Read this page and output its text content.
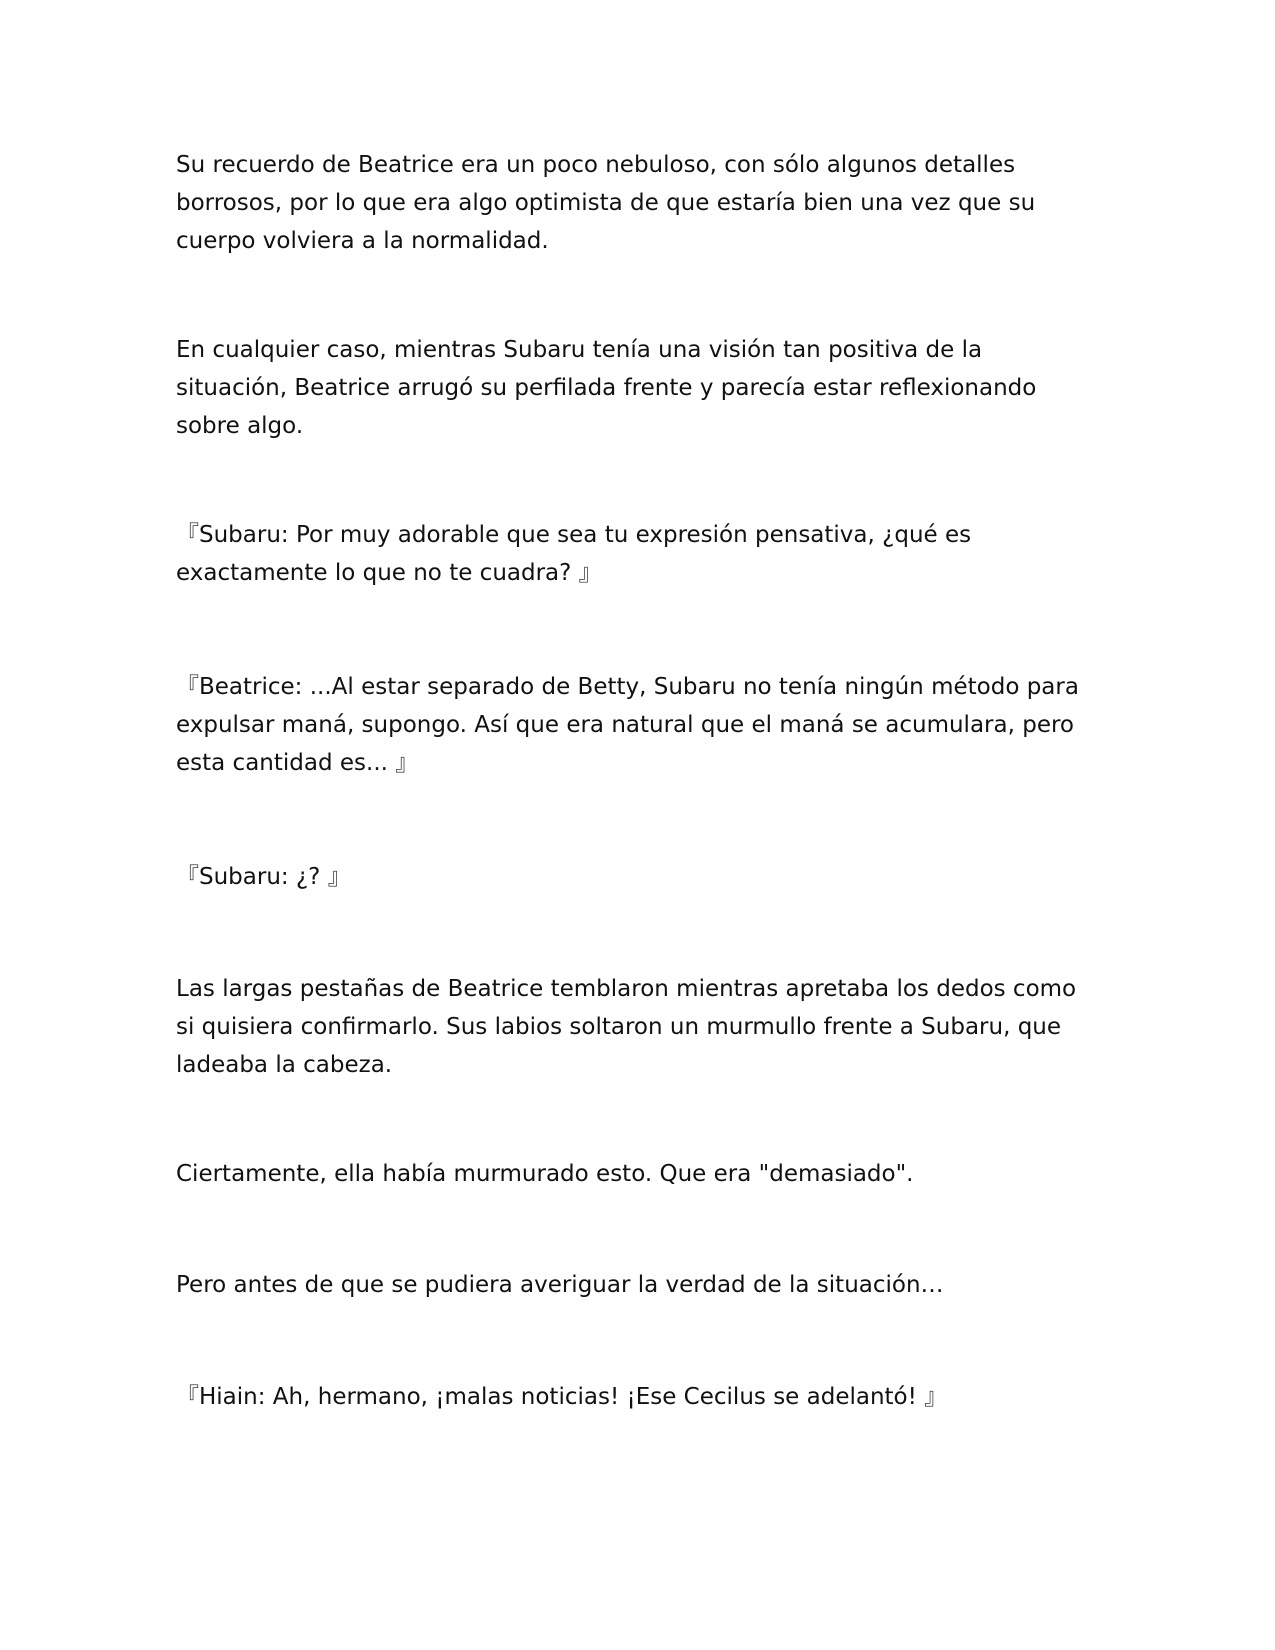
Su recuerdo de Beatrice era un poco nebuloso, con sólo algunos detalles borrosos, por lo que era algo optimista de que estaría bien una vez que su cuerpo volviera a la normalidad.

En cualquier caso, mientras Subaru tenía una visión tan positiva de la situación, Beatrice arrugó su perfilada frente y parecía estar reflexionando sobre algo.

『Subaru: Por muy adorable que sea tu expresión pensativa, ¿qué es exactamente lo que no te cuadra? 』

『Beatrice: ...Al estar separado de Betty, Subaru no tenía ningún método para expulsar maná, supongo. Así que era natural que el maná se acumulara, pero esta cantidad es... 』

『Subaru: ¿? 』

Las largas pestañas de Beatrice temblaron mientras apretaba los dedos como si quisiera confirmarlo. Sus labios soltaron un murmullo frente a Subaru, que ladeaba la cabeza.

Ciertamente, ella había murmurado esto. Que era "demasiado".

Pero antes de que se pudiera averiguar la verdad de la situación…

『Hiain: Ah, hermano, ¡malas noticias! ¡Ese Cecilus se adelantó! 』
